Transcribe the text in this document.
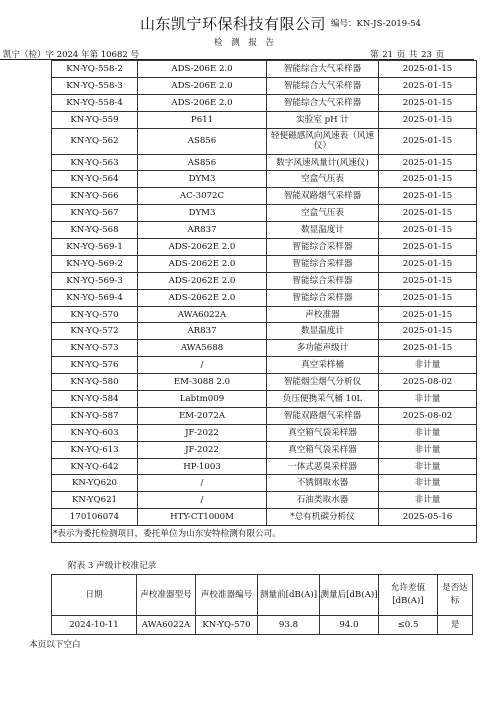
山东凯宁环保科技有限公司 编号：KN-JS-2019-54
检 测 报 告
凯宁（检）字 2024 年第 10682 号	第 21 页 共 23 页
KN-YQ-558-2	ADS-206E 2.0	智能综合大气采样器	2025-01-15
KN-YQ-558-3	ADS-206E 2.0	智能综合大气采样器	2025-01-15
KN-YQ-558-4	ADS-206E 2.0	智能综合大气采样器	2025-01-15
KN-YQ-559	P611	实验室 pH 计	2025-01-15
KN-YQ-562	AS856	轻便磁感风向风速表（风速仪）	2025-01-15
KN-YQ-563	AS856	数字风速风量计(风速仪)	2025-01-15
KN-YQ-564	DYM3	空盒气压表	2025-01-15
KN-YQ-566	AC-3072C	智能双路烟气采样器	2025-01-15
KN-YQ-567	DYM3	空盒气压表	2025-01-15
KN-YQ-568	AR837	数显温度计	2025-01-15
KN-YQ-569-1	ADS-2062E 2.0	智能综合采样器	2025-01-15
KN-YQ-569-2	ADS-2062E 2.0	智能综合采样器	2025-01-15
KN-YQ-569-3	ADS-2062E 2.0	智能综合采样器	2025-01-15
KN-YQ-569-4	ADS-2062E 2.0	智能综合采样器	2025-01-15
KN-YQ-570	AWA6022A	声校准器	2025-01-15
KN-YQ-572	AR837	数显温度计	2025-01-15
KN-YQ-573	AWA5688	多功能声级计	2025-01-15
KN-YQ-576	/	真空采样桶	非计量
KN-YQ-580	EM-3088 2.0	智能烟尘烟气分析仪	2025-08-02
KN-YQ-584	Labtm009	负压便携采气桶 10L	非计量
KN-YQ-587	EM-2072A	智能双路烟气采样器	2025-08-02
KN-YQ-603	JF-2022	真空箱气袋采样器	非计量
KN-YQ-613	JF-2022	真空箱气袋采样器	非计量
KN-YQ-642	HP-1003	一体式恶臭采样器	非计量
KN-YQ620	/	不锈钢取水器	非计量
KN-YQ621	/	石油类取水器	非计量
170106074	HTY-CT1000M	*总有机碳分析仪	2025-05-16
*表示为委托检测项目，委托单位为山东安特检测有限公司。			
附表 3 声级计校准记录
日期	声校准器型号	声校准器编号	测量前[dB(A)]	测量后[dB(A)]	允许差值[dB(A)]	是否达标
2024-10-11	AWA6022A	KN-YQ-570	93.8	94.0	≤0.5	是
本页以下空白
